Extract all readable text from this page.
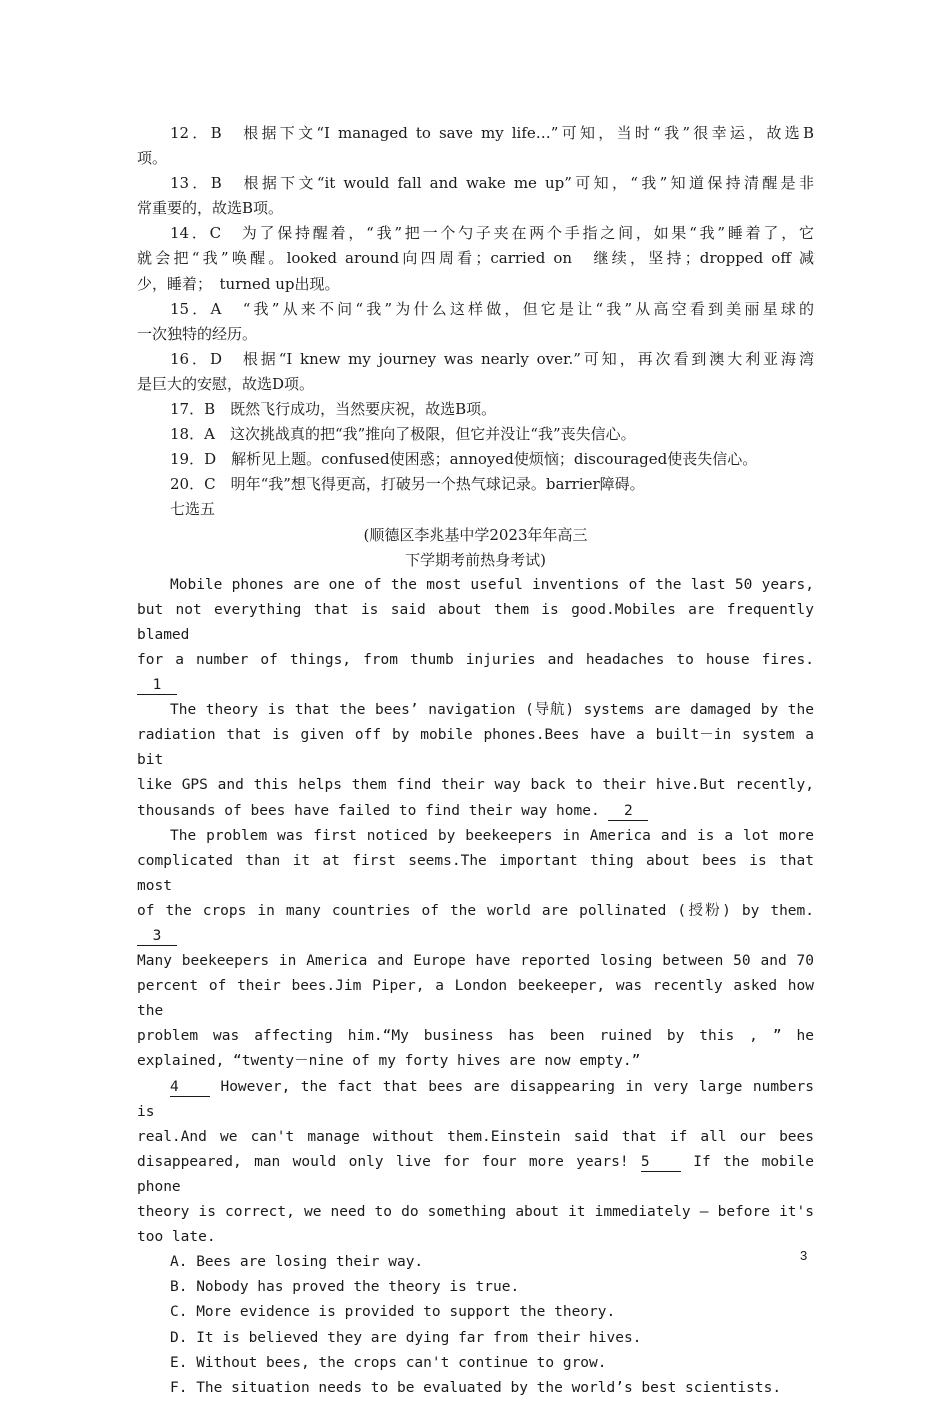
12．B　 根据下文“I managed to save my life…”可知，当时“我”很幸运，故选B
项。
13．B　 根据下文“it would fall and wake me up”可知，“我”知道保持清醒是非
常重要的，故选B项。
14．C　 为了保持醒着，“我”把一个勺子夹在两个手指之间，如果“我”睡着了，它
就会把“我”唤醒。looked around向四周看；carried on　继续，坚持；dropped off 减
少，睡着；　turned up出现。
15．A　 “我”从来不问“我”为什么这样做，但它是让“我”从高空看到美丽星球的
一次独特的经历。
16．D　 根据“I knew my journey was nearly over.”可知，再次看到澳大利亚海湾
是巨大的安慰，故选D项。
17．B　 既然飞行成功，当然要庆祝，故选B项。
18．A　 这次挑战真的把“我”推向了极限，但它并没让“我”丧失信心。
19．D　 解析见上题。confused使困惑；annoyed使烦恼；discouraged使丧失信心。
20．C　 明年“我”想飞得更高，打破另一个热气球记录。barrier障碍。
七选五
(顺德区李兆基中学2023年年高三
下学期考前热身考试)
Mobile phones are one of the most useful inventions of the last 50 years,
but not everything that is said about them is good.Mobiles are frequently blamed
for a number of things, from thumb injuries and headaches to house fires.1
The theory is that the bees’ navigation (导航) systems are damaged by the
radiation that is given off by mobile phones.Bees have a built－in system a bit
like GPS and this helps them find their way back to their hive.But recently,
thousands of bees have failed to find their way home. 2
The problem was first noticed by beekeepers in America and is a lot more
complicated than it at first seems.The important thing about bees is that most
of the crops in many countries of the world are pollinated (授粉) by them.3
Many beekeepers in America and Europe have reported losing between 50 and 70
percent of their bees.Jim Piper, a London beekeeper, was recently asked how the
problem was affecting him.“My business has been ruined by this , ” he
explained, “twenty－nine of my forty hives are now empty.”
4	However, the fact that bees are disappearing in very large numbers is
real.And we can't manage without them.Einstein said that if all our bees
disappeared, man would only live for four more years! 5	If the mobile phone
theory is correct, we need to do something about it immediately — before it's
too late.
A. Bees are losing their way.
B. Nobody has proved the theory is true.
C. More evidence is provided to support the theory.
D. It is believed they are dying far from their hives.
E. Without bees, the crops can't continue to grow.
F. The situation needs to be evaluated by the world’s best scientists.
3
